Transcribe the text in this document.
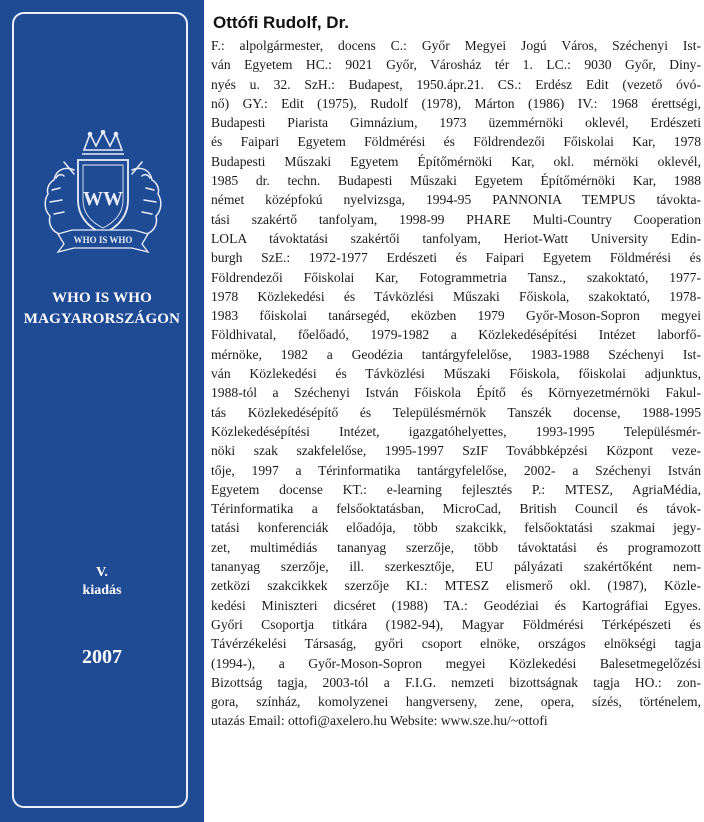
WW
WHO IS WHO
WHO IS WHO
MAGYARORSZÁGON
V.
kiadás
2007
Ottófi Rudolf, Dr.
F.: alpolgármester, docens C.: Győr Megyei Jogú Város, Széchenyi Ist-
ván Egyetem HC.: 9021 Győr, Városház tér 1. LC.: 9030 Győr, Diny-
nyés u. 32. SzH.: Budapest, 1950.ápr.21. CS.: Erdész Edit (vezető óvó-
nő) GY.: Edit (1975), Rudolf (1978), Márton (1986) IV.: 1968 érettségi,
Budapesti Piarista Gimnázium, 1973 üzemmérnöki oklevél, Erdészeti
és Faipari Egyetem Földmérési és Földrendezői Főiskolai Kar, 1978
Budapesti Műszaki Egyetem Építőmérnöki Kar, okl. mérnöki oklevél,
1985 dr. techn. Budapesti Műszaki Egyetem Építőmérnöki Kar, 1988
német középfokú nyelvizsga, 1994-95 PANNONIA TEMPUS távokta-
tási szakértő tanfolyam, 1998-99 PHARE Multi-Country Cooperation
LOLA távoktatási szakértői tanfolyam, Heriot-Watt University Edin-
burgh SzE.: 1972-1977 Erdészeti és Faipari Egyetem Földmérési és
Földrendezői Főiskolai Kar, Fotogrammetria Tansz., szakoktató, 1977-
1978 Közlekedési és Távközlési Műszaki Főiskola, szakoktató, 1978-
1983 főiskolai tanársegéd, eközben 1979 Győr-Moson-Sopron megyei
Földhivatal, főelőadó, 1979-1982 a Közlekedésépítési Intézet laborfő-
mérnöke, 1982 a Geodézia tantárgyfelelőse, 1983-1988 Széchenyi Ist-
ván Közlekedési és Távközlési Műszaki Főiskola, főiskolai adjunktus,
1988-tól a Széchenyi István Főiskola Építő és Környezetmérnöki Fakul-
tás Közlekedésépítő és Településmérnök Tanszék docense, 1988-1995
Közlekedésépítési Intézet, igazgatóhelyettes, 1993-1995 Településmér-
nöki szak szakfelelőse, 1995-1997 SzIF Továbbképzési Központ veze-
tője, 1997 a Térinformatika tantárgyfelelőse, 2002- a Széchenyi István
Egyetem docense KT.: e-learning fejlesztés P.: MTESZ, AgriaMédia,
Térinformatika a felsőoktatásban, MicroCad, British Council és távok-
tatási konferenciák előadója, több szakcikk, felsőoktatási szakmai jegy-
zet, multimédiás tananyag szerzője, több távoktatási és programozott
tananyag szerzője, ill. szerkesztője, EU pályázati szakértőként nem-
zetközi szakcikkek szerzője KI.: MTESZ elismerő okl. (1987), Közle-
kedési Miniszteri dicséret (1988) TA.: Geodéziai és Kartográfiai Egyes.
Győri Csoportja titkára (1982-94), Magyar Földmérési Térképészeti és
Távérzékelési Társaság, győri csoport elnöke, országos elnökségi tagja
(1994-), a Győr-Moson-Sopron megyei Közlekedési Balesetmegelőzési
Bizottság tagja, 2003-tól a F.I.G. nemzeti bizottságnak tagja HO.: zon-
gora, színház, komolyzenei hangverseny, zene, opera, sízés, történelem,
utazás Email: ottofi@axelero.hu Website: www.sze.hu/~ottofi
